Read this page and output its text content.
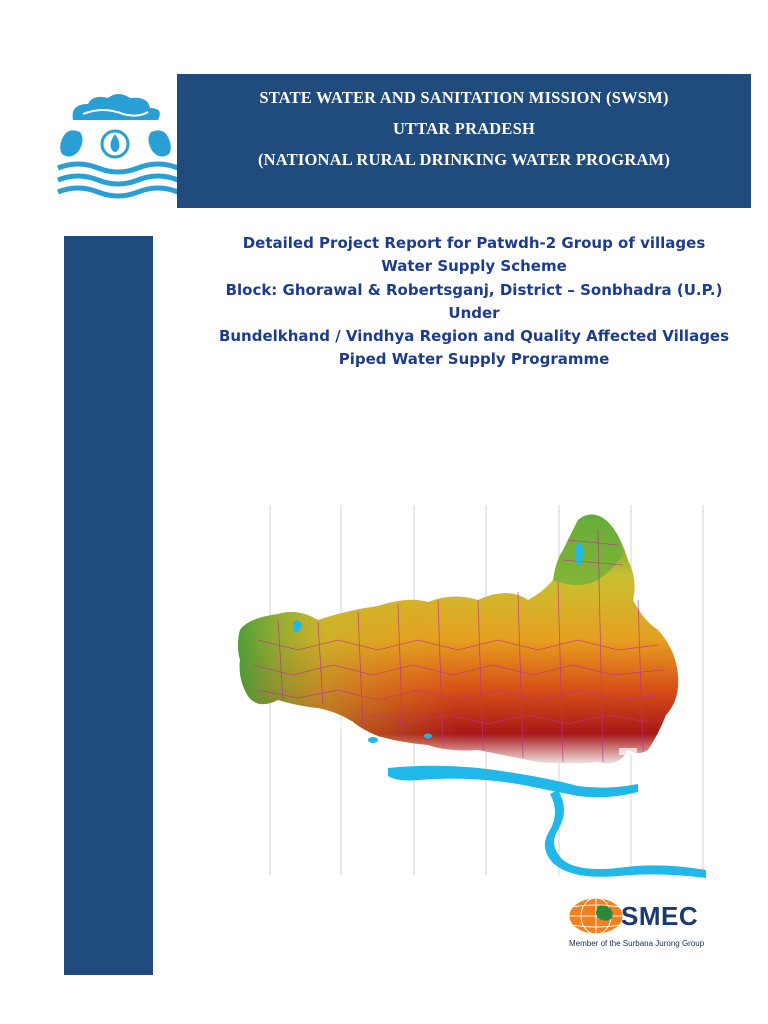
STATE WATER AND SANITATION MISSION (SWSM)
UTTAR PRADESH
(NATIONAL RURAL DRINKING WATER PROGRAM)
Detailed Project Report for Patwdh-2 Group of villages
Water Supply Scheme
Block: Ghorawal & Robertsganj, District – Sonbhadra (U.P.)
Under
Bundelkhand / Vindhya Region and Quality Affected Villages
Piped Water Supply Programme
SMEC
Member of the Surbana Jurong Group
